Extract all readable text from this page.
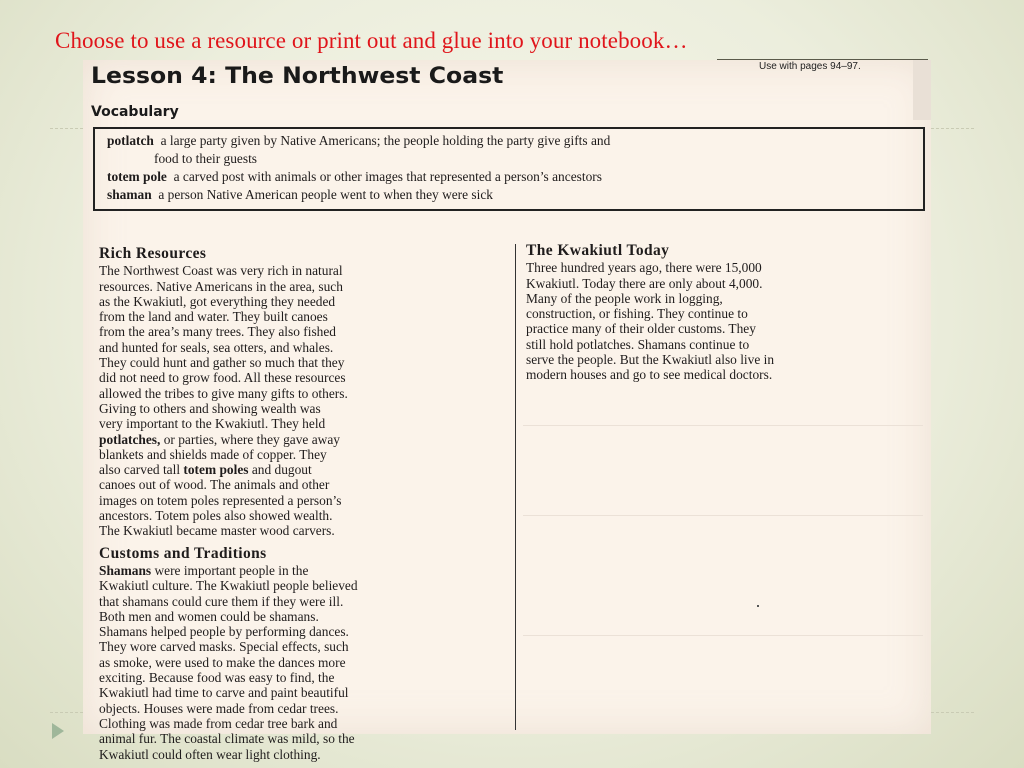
Choose to use a resource or print out and glue into your notebook…
Use with pages 94–97.
Lesson 4: The Northwest Coast
Vocabulary
potlatch a large party given by Native Americans; the people holding the party give gifts and
food to their guests
totem pole a carved post with animals or other images that represented a person’s ancestors
shaman a person Native American people went to when they were sick
Rich Resources

The Northwest Coast was very rich in natural

resources. Native Americans in the area, such

as the Kwakiutl, got everything they needed

from the land and water. They built canoes

from the area’s many trees. They also fished

and hunted for seals, sea otters, and whales.

They could hunt and gather so much that they

did not need to grow food. All these resources

allowed the tribes to give many gifts to others.

Giving to others and showing wealth was

very important to the Kwakiutl. They held

potlatches, or parties, where they gave away

blankets and shields made of copper. They

also carved tall totem poles and dugout

canoes out of wood. The animals and other

images on totem poles represented a person’s

ancestors. Totem poles also showed wealth.

The Kwakiutl became master wood carvers.

Customs and Traditions

Shamans were important people in the

Kwakiutl culture. The Kwakiutl people believed

that shamans could cure them if they were ill.

Both men and women could be shamans.

Shamans helped people by performing dances.

They wore carved masks. Special effects, such

as smoke, were used to make the dances more

exciting. Because food was easy to find, the

Kwakiutl had time to carve and paint beautiful

objects. Houses were made from cedar trees.

Clothing was made from cedar tree bark and

animal fur. The coastal climate was mild, so the

Kwakiutl could often wear light clothing.

The Kwakiutl Today

Three hundred years ago, there were 15,000

Kwakiutl. Today there are only about 4,000.

Many of the people work in logging,

construction, or fishing. They continue to

practice many of their older customs. They

still hold potlatches. Shamans continue to

serve the people. But the Kwakiutl also live in

modern houses and go to see medical doctors.
